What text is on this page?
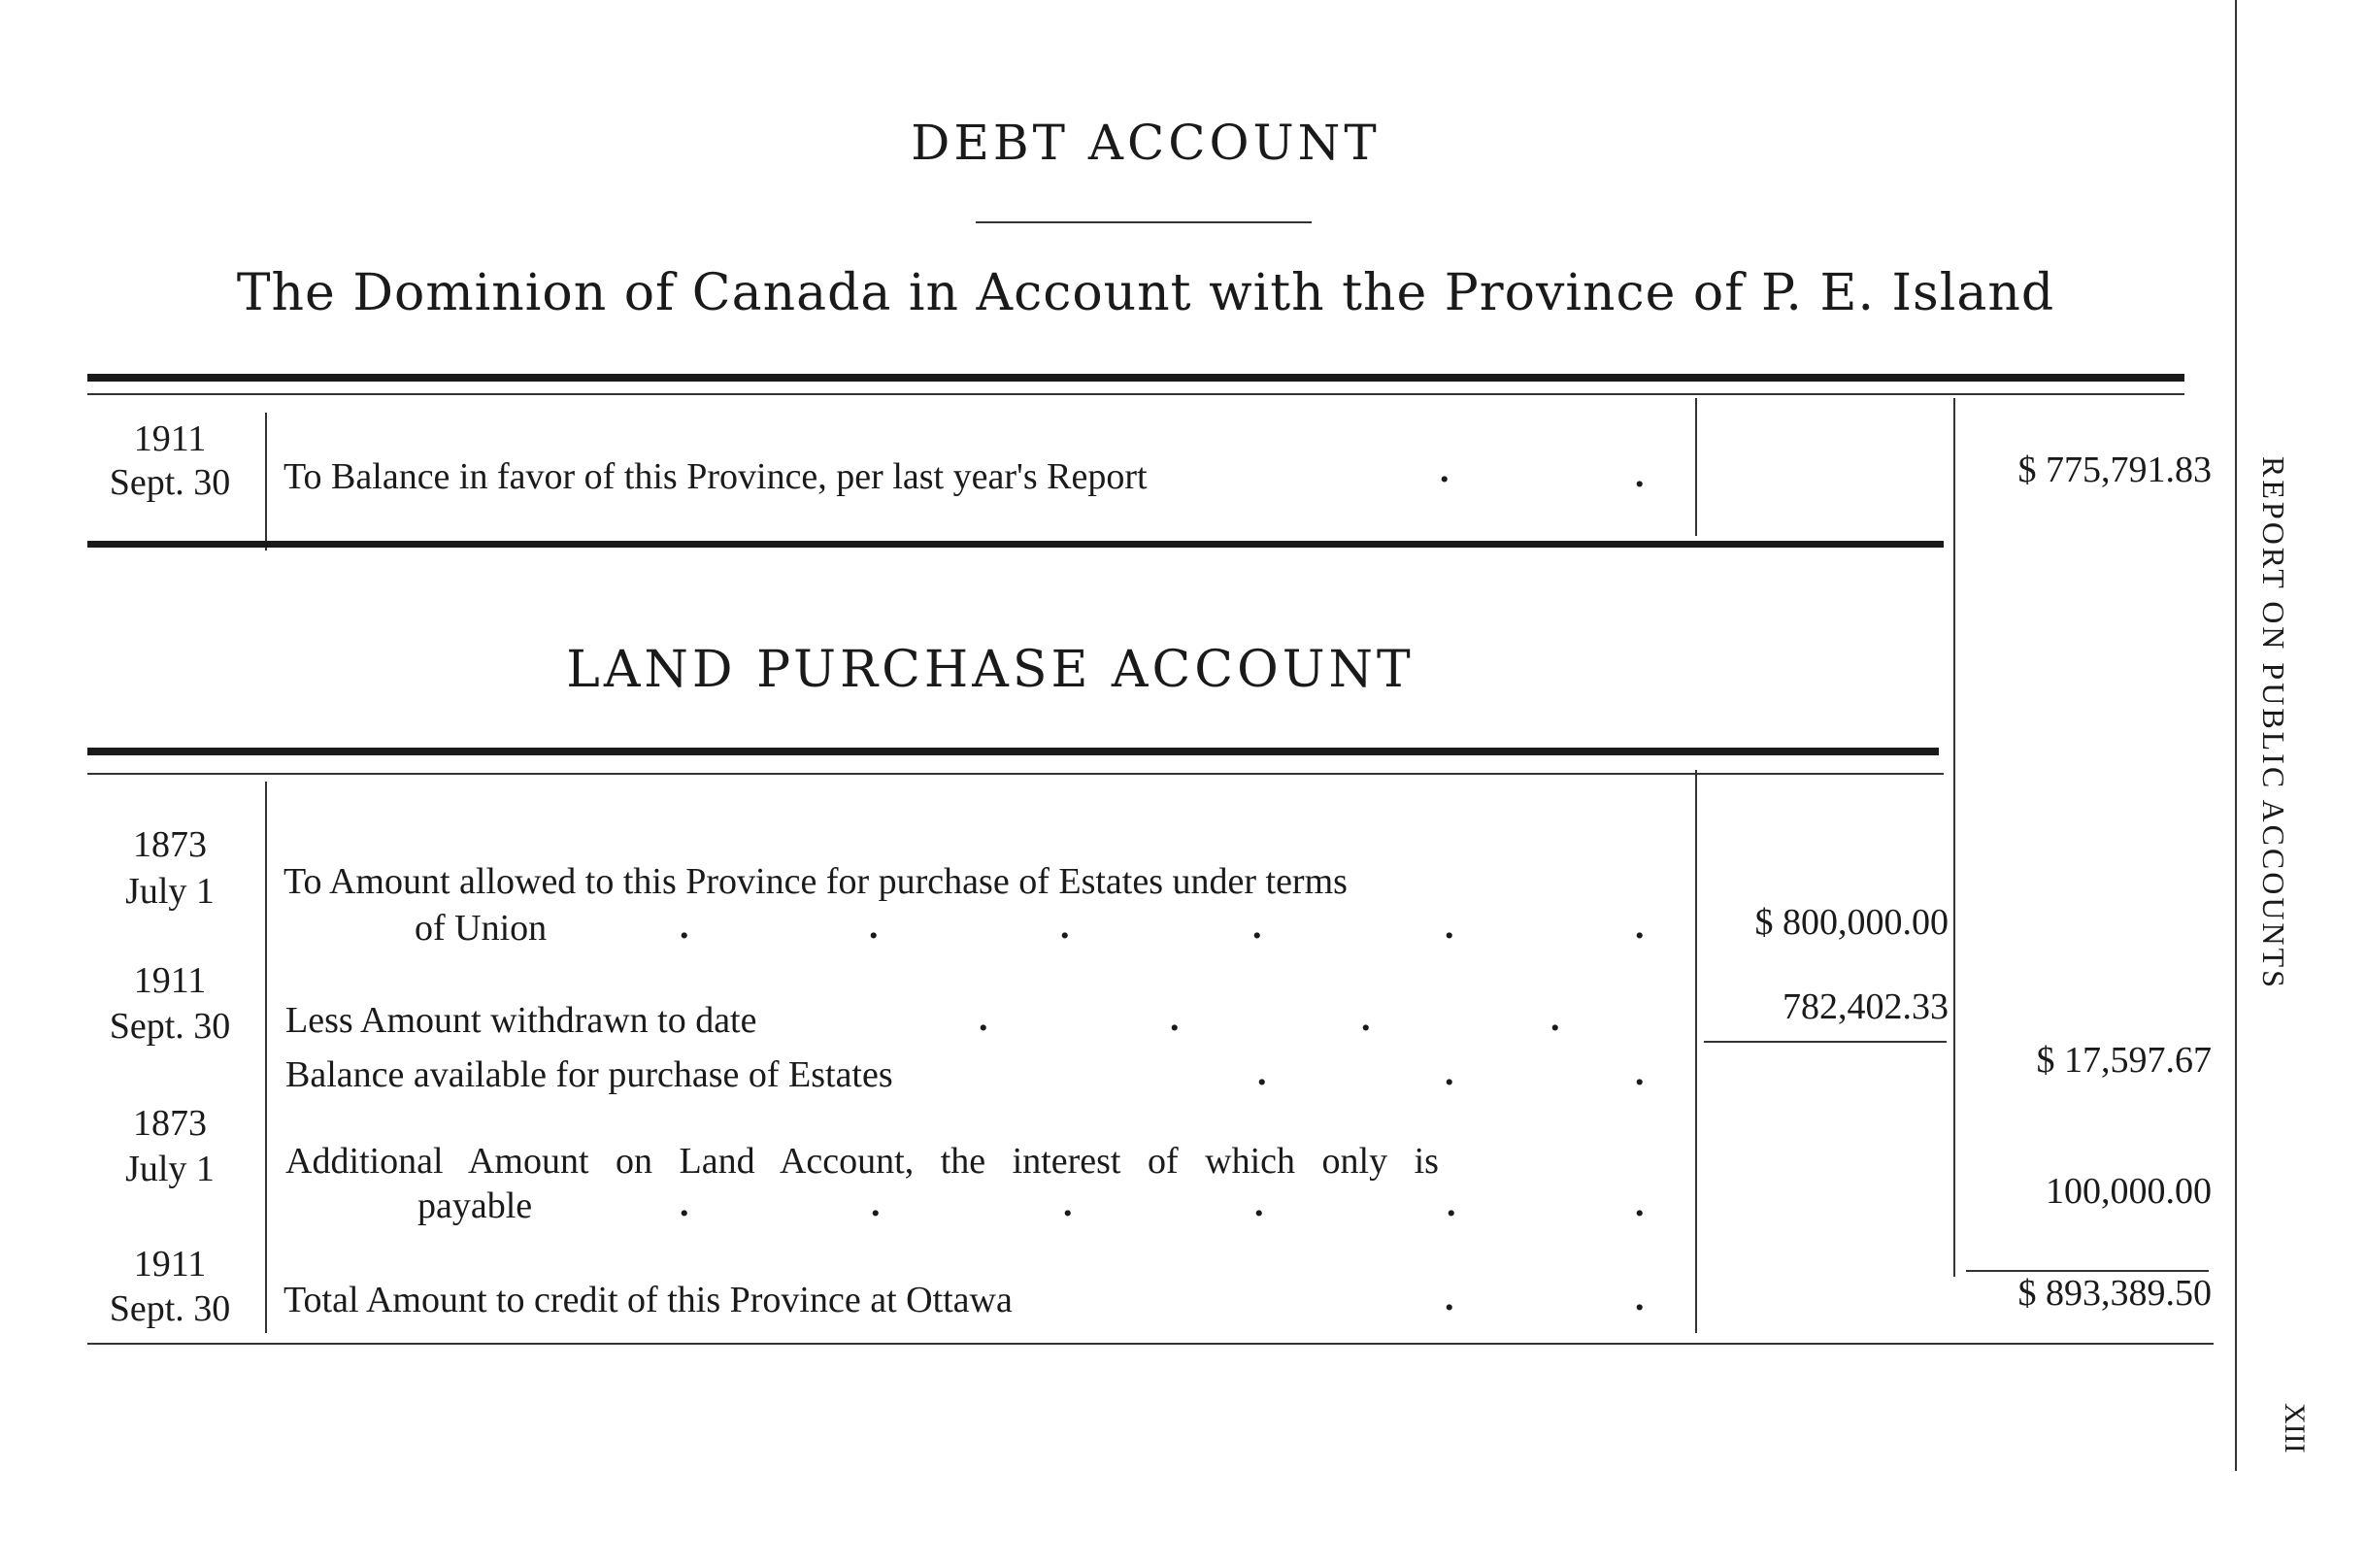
DEBT ACCOUNT
The Dominion of Canada in Account with the Province of P. E. Island
1911
Sept. 30	To Balance in favor of this Province, per last year's Report	.	.	$ 775,791.83
LAND PURCHASE ACCOUNT
1873
July 1	To Amount allowed to this Province for purchase of Estates under terms
of Union	.	.	.	.	.	.	$ 800,000.00
1911
Sept. 30	Less Amount withdrawn to date	.	.	.	.	782,402.33
Balance available for purchase of Estates	.	.	.	$ 17,597.67
1873
July 1	Additional Amount on Land Account, the interest of which only is
payable	.	.	.	.	.	.	100,000.00
1911
Sept. 30	Total Amount to credit of this Province at Ottawa	.	.	$ 893,389.50
REPORT ON PUBLIC ACCOUNTS
XIII
